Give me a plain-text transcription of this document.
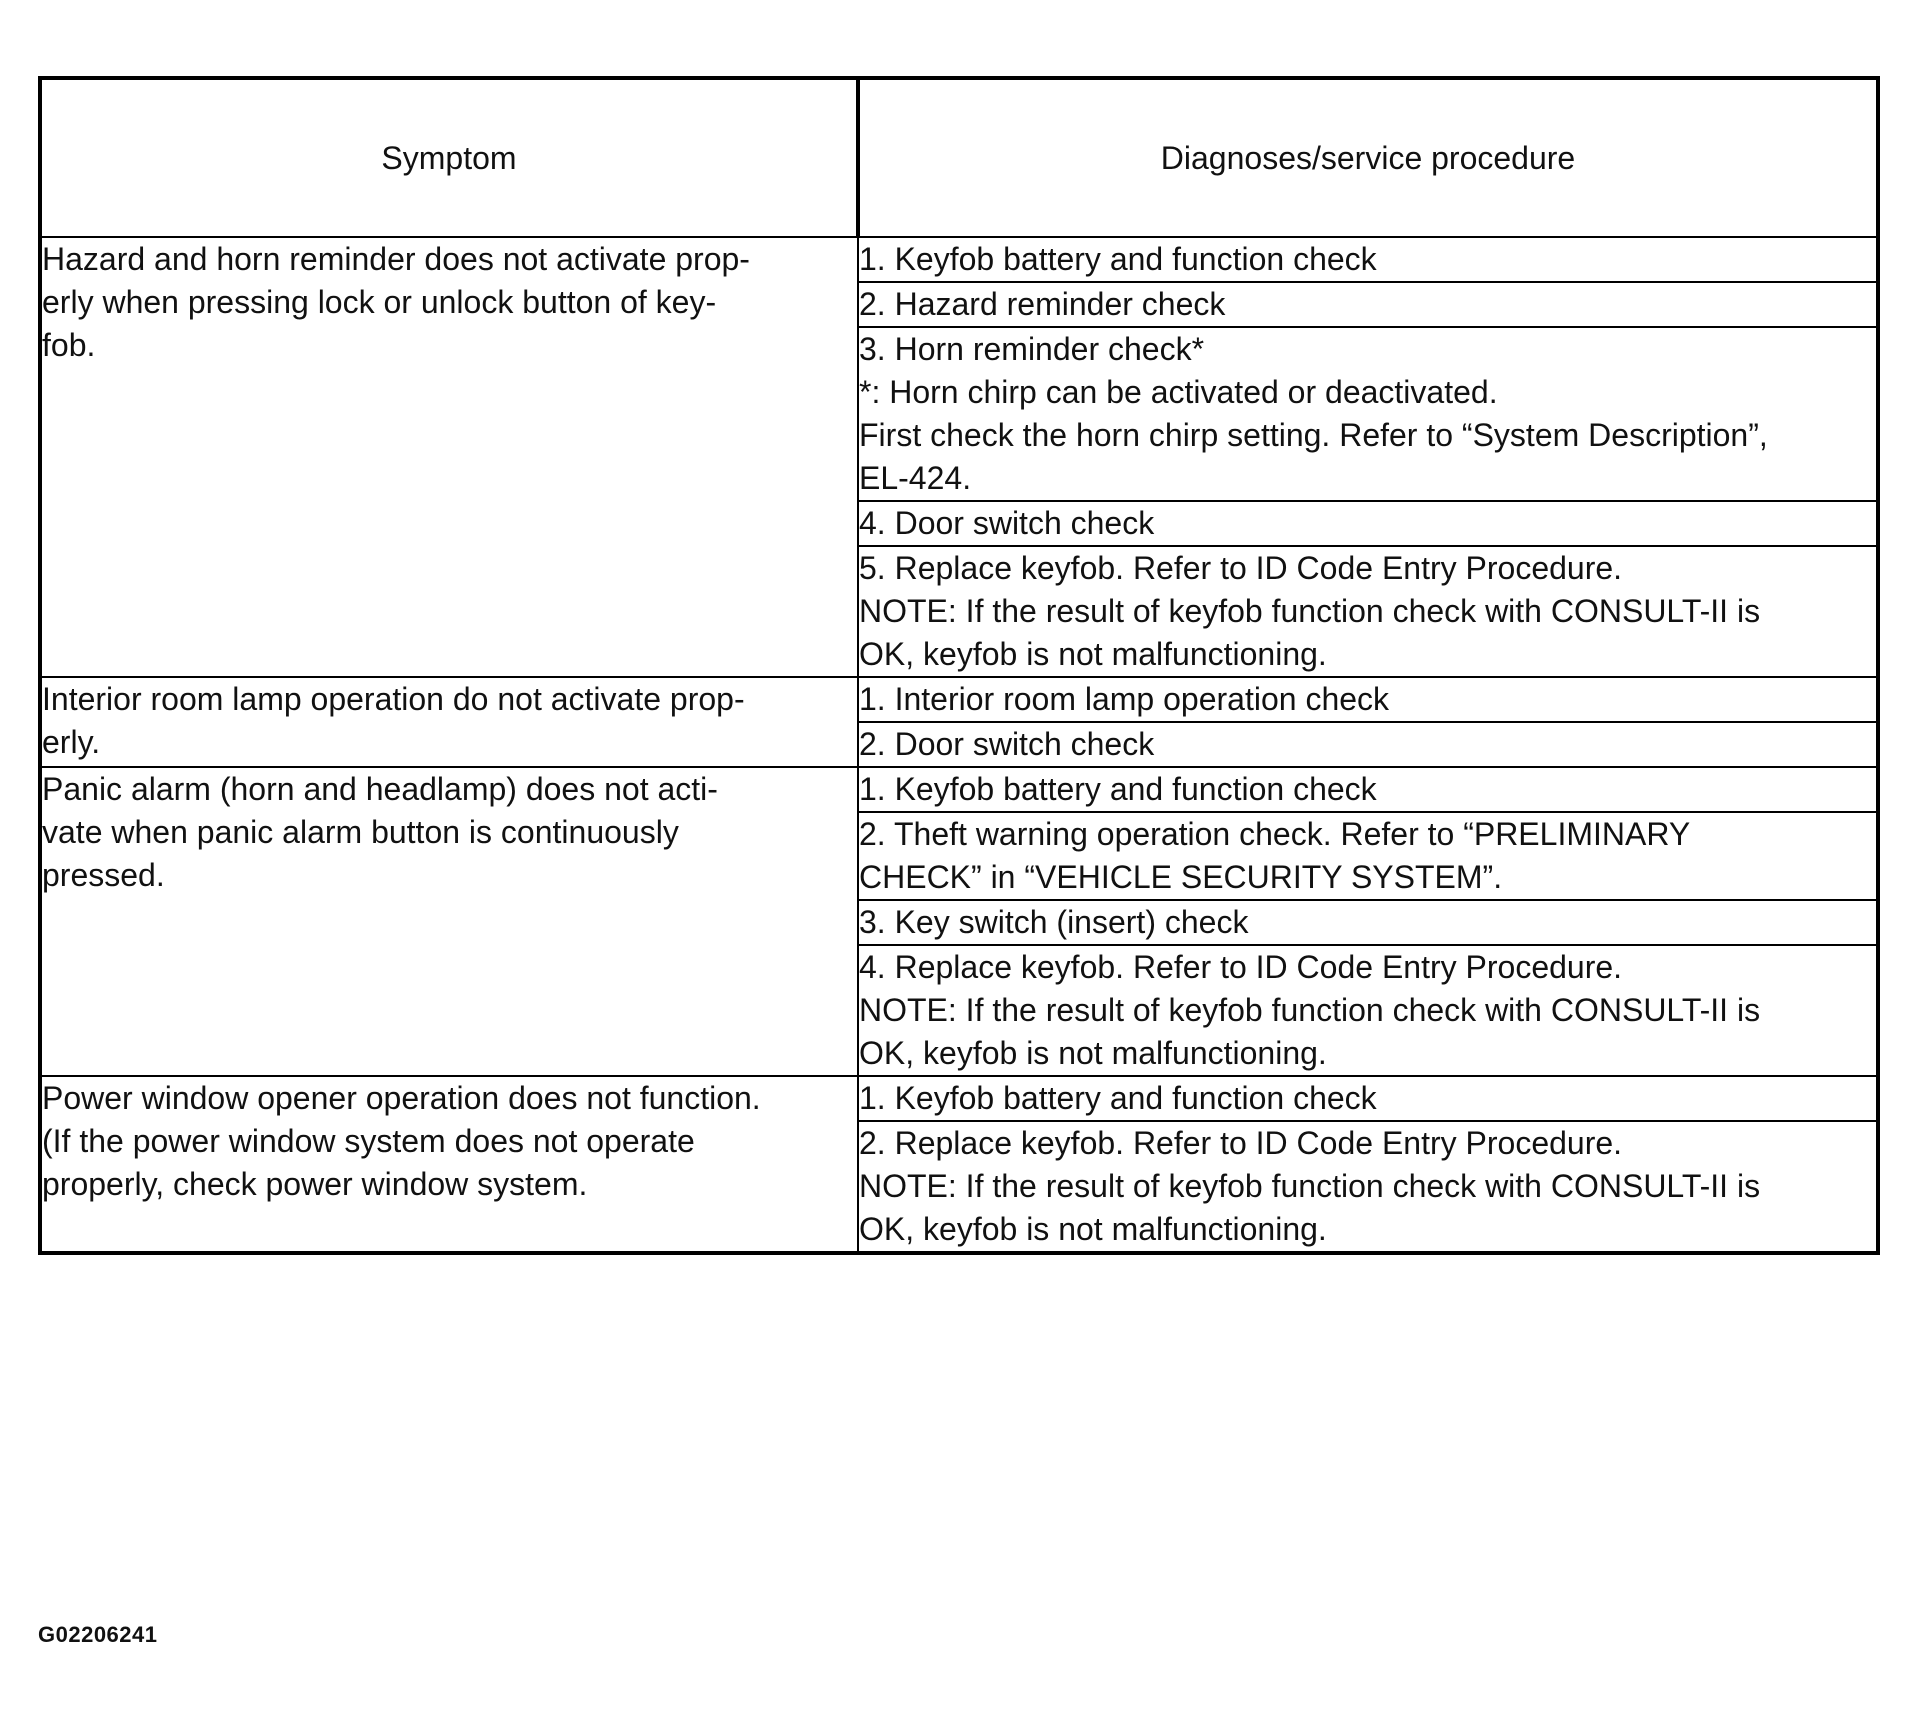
Symptom	Diagnoses/service procedure

Hazard and horn reminder does not activate prop-
erly when pressing lock or unlock button of key-
fob.	1. Keyfob battery and function check

	2. Hazard reminder check

	3. Horn reminder check*
*: Horn chirp can be activated or deactivated.
First check the horn chirp setting. Refer to “System Description”,
EL-424.

	4. Door switch check

	5. Replace keyfob. Refer to ID Code Entry Procedure.
NOTE: If the result of keyfob function check with CONSULT-II is
OK, keyfob is not malfunctioning.

Interior room lamp operation do not activate prop-
erly.	1. Interior room lamp operation check

	2. Door switch check

Panic alarm (horn and headlamp) does not acti-
vate when panic alarm button is continuously
pressed.	1. Keyfob battery and function check

	2. Theft warning operation check. Refer to “PRELIMINARY
CHECK” in “VEHICLE SECURITY SYSTEM”.

	3. Key switch (insert) check

	4. Replace keyfob. Refer to ID Code Entry Procedure.
NOTE: If the result of keyfob function check with CONSULT-II is
OK, keyfob is not malfunctioning.

Power window opener operation does not function.
(If the power window system does not operate
properly, check power window system.	1. Keyfob battery and function check

	2. Replace keyfob. Refer to ID Code Entry Procedure.
NOTE: If the result of keyfob function check with CONSULT-II is
OK, keyfob is not malfunctioning.
G02206241
